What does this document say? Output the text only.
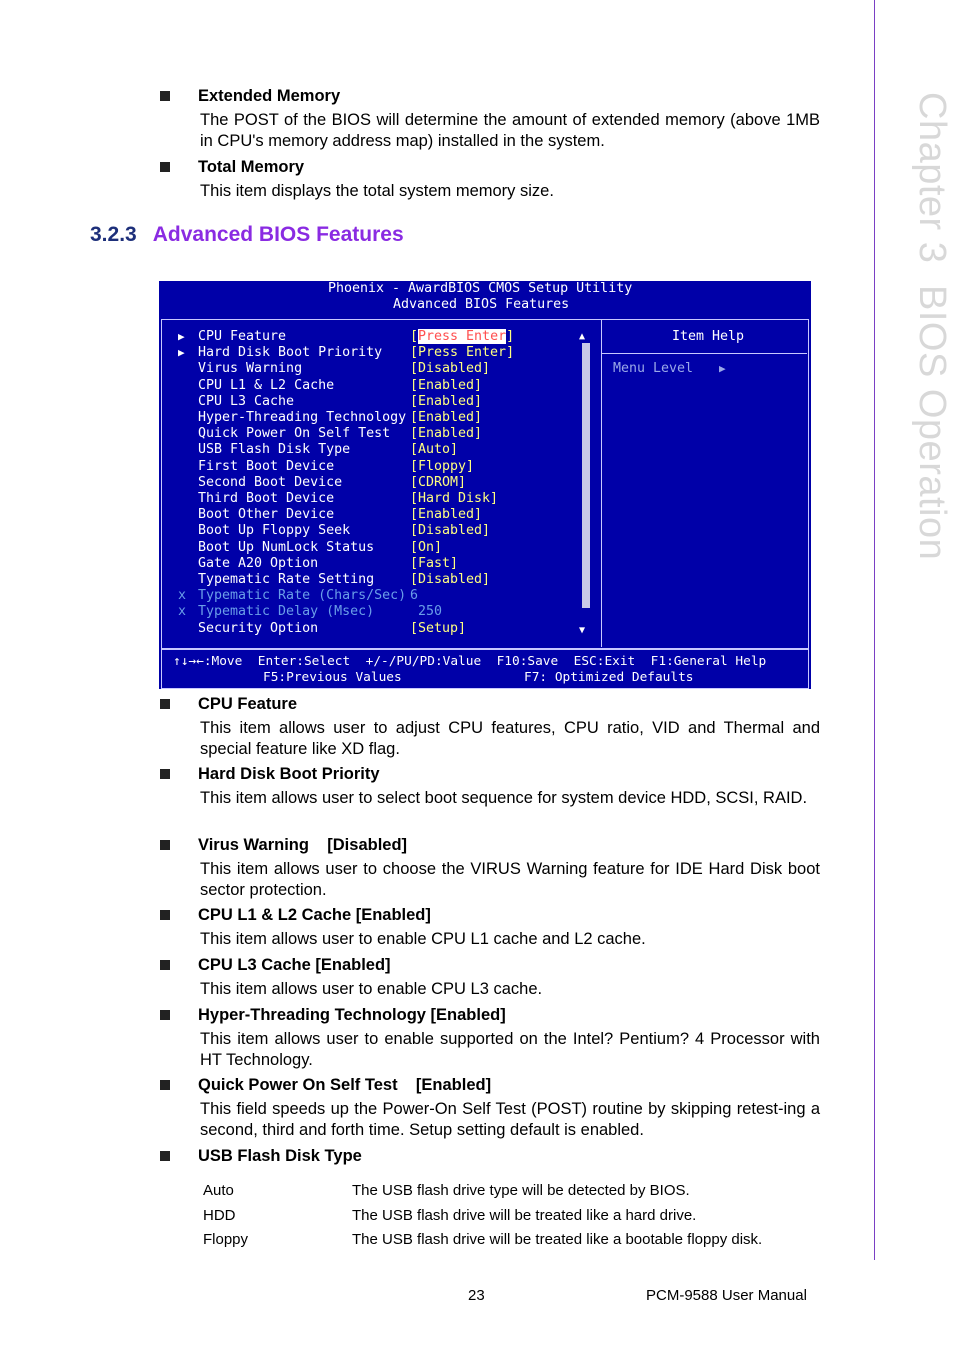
Chapter 3BIOS Operation
Extended Memory
The POST of the BIOS will determine the amount of extended memory (above 1MB in CPU's memory address map) installed in the system.
Total Memory
This item displays the total system memory size.
3.2.3 Advanced BIOS Features
Phoenix - AwardBIOS CMOS Setup Utility
Advanced BIOS Features
▶	CPU Feature	[Press Enter]
▶	Hard Disk Boot Priority [Press Enter]
Virus Warning	[Disabled]
CPU L1 & L2 Cache	[Enabled]
CPU L3 Cache	[Enabled]
Hyper-Threading Technology [Enabled]
Quick Power On Self Test [Enabled]
USB Flash Disk Type	[Auto]
First Boot Device	[Floppy]
Second Boot Device	[CDROM]
Third Boot Device	[Hard Disk]
Boot Other Device	[Enabled]
Boot Up Floppy Seek	[Disabled]
Boot Up NumLock Status	[On]
Gate A20 Option	[Fast]
Typematic Rate Setting	[Disabled]
x Typematic Rate (Chars/Sec) 6
x Typematic Delay (Msec)	250
Security Option	[Setup]
▲
▼
Item Help
Menu Level ▶
↑↓→←:Move  Enter:Select  +/-/PU/PD:Value  F10:Save  ESC:Exit  F1:General Help
F5:Previous Values	F7: Optimized Defaults
CPU Feature
This item allows user to adjust CPU features, CPU ratio, VID and Thermal and special feature like XD flag.
Hard Disk Boot Priority
This item allows user to select boot sequence for system device HDD, SCSI, RAID.
Virus Warning    [Disabled]
This item allows user to choose the VIRUS Warning feature for IDE Hard Disk boot sector protection.
CPU L1 & L2 Cache [Enabled]
This item allows user to enable CPU L1 cache and L2 cache.
CPU L3 Cache [Enabled]
This item allows user to enable CPU L3 cache.
Hyper-Threading Technology [Enabled]
This item allows user to enable supported on the Intel? Pentium? 4 Processor with HT Technology.
Quick Power On Self Test    [Enabled]
This field speeds up the Power-On Self Test (POST) routine by skipping retest-ing a second, third and forth time. Setup setting default is enabled.
USB Flash Disk Type
Auto	The USB flash drive type will be detected by BIOS.
HDD	The USB flash drive will be treated like a hard drive.
Floppy	The USB flash drive will be treated like a bootable floppy disk.
23	PCM-9588 User Manual
